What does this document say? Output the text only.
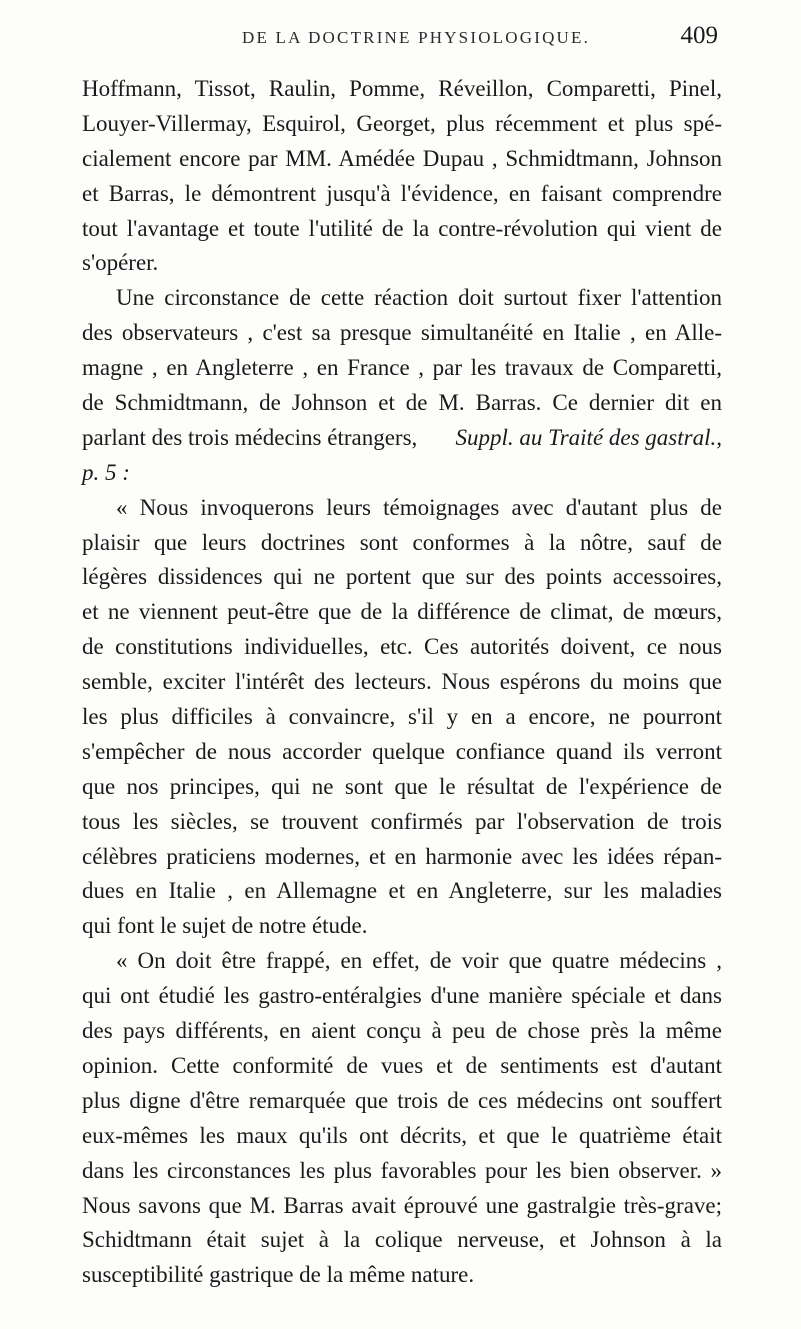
DE LA DOCTRINE PHYSIOLOGIQUE.	409
Hoffmann, Tissot, Raulin, Pomme, Réveillon, Comparetti, Pinel,
Louyer-Villermay, Esquirol, Georget, plus récemment et plus spé-
cialement encore par MM. Amédée Dupau , Schmidtmann, Johnson
et Barras, le démontrent jusqu'à l'évidence, en faisant comprendre
tout l'avantage et toute l'utilité de la contre-révolution qui vient de
s'opérer.
Une circonstance de cette réaction doit surtout fixer l'attention
des observateurs , c'est sa presque simultanéité en Italie , en Alle-
magne , en Angleterre , en France , par les travaux de Comparetti,
de Schmidtmann, de Johnson et de M. Barras. Ce dernier dit en
parlant des trois médecins étrangers, Suppl. au Traité des gastral.,
p. 5 :
« Nous invoquerons leurs témoignages avec d'autant plus de
plaisir que leurs doctrines sont conformes à la nôtre, sauf de
légères dissidences qui ne portent que sur des points accessoires,
et ne viennent peut-être que de la différence de climat, de mœurs,
de constitutions individuelles, etc. Ces autorités doivent, ce nous
semble, exciter l'intérêt des lecteurs. Nous espérons du moins que
les plus difficiles à convaincre, s'il y en a encore, ne pourront
s'empêcher de nous accorder quelque confiance quand ils verront
que nos principes, qui ne sont que le résultat de l'expérience de
tous les siècles, se trouvent confirmés par l'observation de trois
célèbres praticiens modernes, et en harmonie avec les idées répan-
dues en Italie , en Allemagne et en Angleterre, sur les maladies
qui font le sujet de notre étude.
« On doit être frappé, en effet, de voir que quatre médecins ,
qui ont étudié les gastro-entéralgies d'une manière spéciale et dans
des pays différents, en aient conçu à peu de chose près la même
opinion. Cette conformité de vues et de sentiments est d'autant
plus digne d'être remarquée que trois de ces médecins ont souffert
eux-mêmes les maux qu'ils ont décrits, et que le quatrième était
dans les circonstances les plus favorables pour les bien observer. »
Nous savons que M. Barras avait éprouvé une gastralgie très-grave;
Schidtmann était sujet à la colique nerveuse, et Johnson à la
susceptibilité gastrique de la même nature.
